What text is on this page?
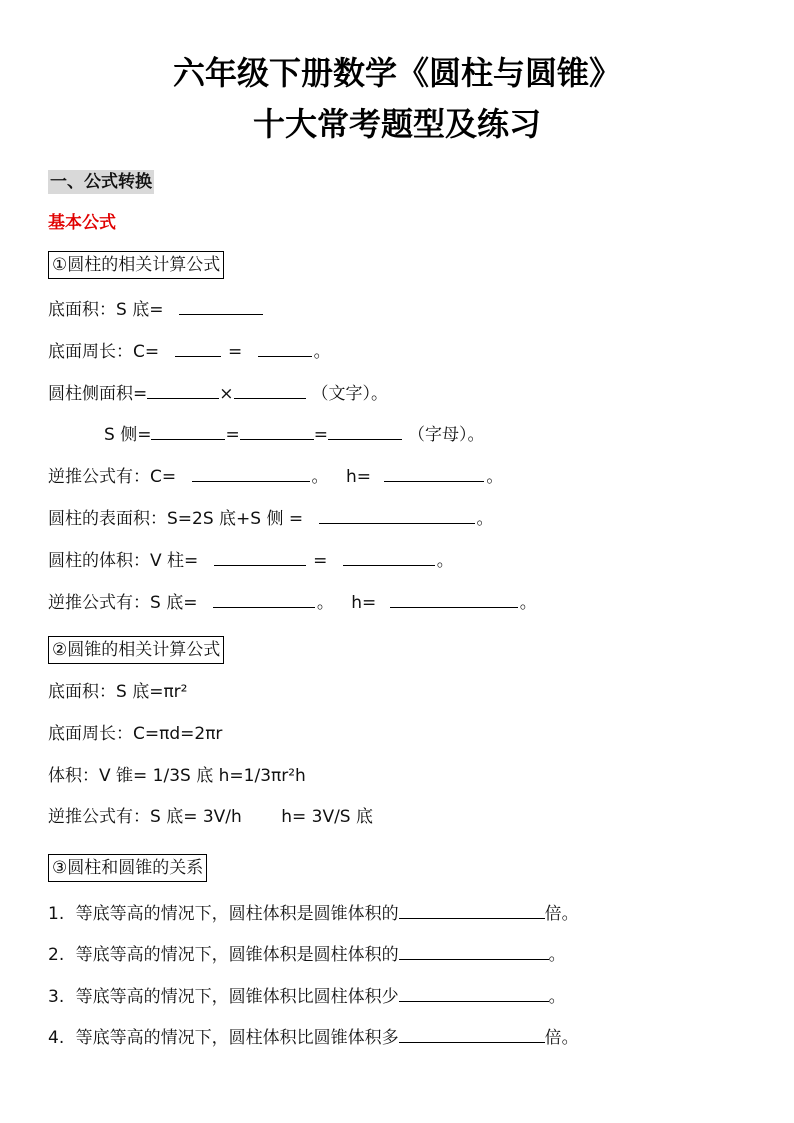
六年级下册数学《圆柱与圆锥》
十大常考题型及练习
一、公式转换
基本公式
①圆柱的相关计算公式
底面积：S 底=
底面周长：C=	=	。
圆柱侧面积=	×	（文字）。
S 侧=	=	=	（字母）。
逆推公式有：C=	。 h=	。
圆柱的表面积：S=2S 底+S 侧 =	。
圆柱的体积：V 柱=	=	。
逆推公式有：S 底=	。 h=	。
②圆锥的相关计算公式
底面积：S 底=πr²
底面周长：C=πd=2πr
体积：V 锥= 1/3S 底 h=1/3πr²h
逆推公式有：S 底= 3V/h h= 3V/S 底
③圆柱和圆锥的关系
1. 等底等高的情况下，圆柱体积是圆锥体积的	倍。
2. 等底等高的情况下，圆锥体积是圆柱体积的	。
3. 等底等高的情况下，圆锥体积比圆柱体积少	。
4. 等底等高的情况下，圆柱体积比圆锥体积多	倍。
